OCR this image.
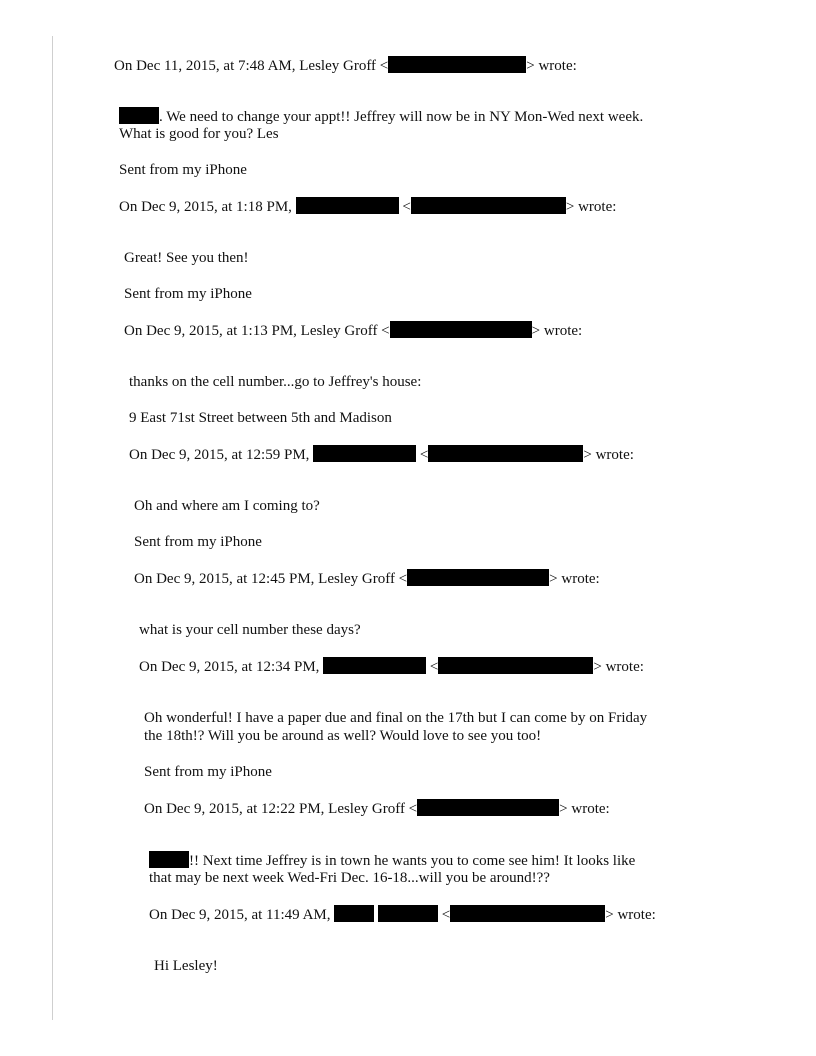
On Dec 11, 2015, at 7:48 AM, Lesley Groff <	> wrote:
. We need to change your appt!! Jeffrey will now be in NY Mon-Wed next week.
What is good for you? Les
Sent from my iPhone
On Dec 9, 2015, at 1:18 PM,	<	> wrote:
Great! See you then!
Sent from my iPhone
On Dec 9, 2015, at 1:13 PM, Lesley Groff <	> wrote:
thanks on the cell number...go to Jeffrey's house:
9 East 71st Street between 5th and Madison
On Dec 9, 2015, at 12:59 PM,	<	> wrote:
Oh and where am I coming to?
Sent from my iPhone
On Dec 9, 2015, at 12:45 PM, Lesley Groff <	> wrote:
what is your cell number these days?
On Dec 9, 2015, at 12:34 PM,	<	> wrote:
Oh wonderful! I have a paper due and final on the 17th but I can come by on Friday
the 18th!? Will you be around as well? Would love to see you too!
Sent from my iPhone
On Dec 9, 2015, at 12:22 PM, Lesley Groff <	> wrote:
!! Next time Jeffrey is in town he wants you to come see him! It looks like
that may be next week Wed-Fri Dec. 16-18...will you be around!??
On Dec 9, 2015, at 11:49 AM,	<	> wrote:
Hi Lesley!
